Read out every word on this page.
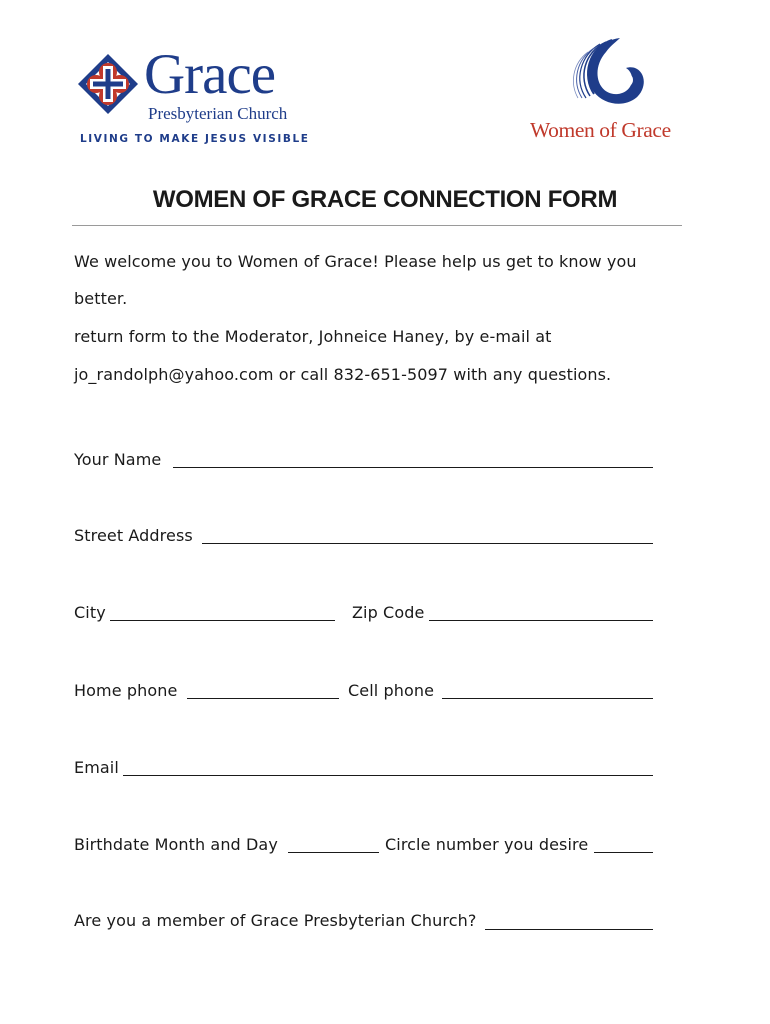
Grace
Presbyterian Church
LIVING TO MAKE JESUS VISIBLE	Women of Grace
WOMEN OF GRACE CONNECTION FORM
We welcome you to Women of Grace! Please help us get to know you
better.
return form to the Moderator, Johneice Haney, by e-mail at
jo_randolph@yahoo.com or call 832-651-5097 with any questions.
Your Name
Street Address
City	Zip Code
Home phone	Cell phone
Email
Birthdate Month and Day	Circle number you desire
Are you a member of Grace Presbyterian Church?
